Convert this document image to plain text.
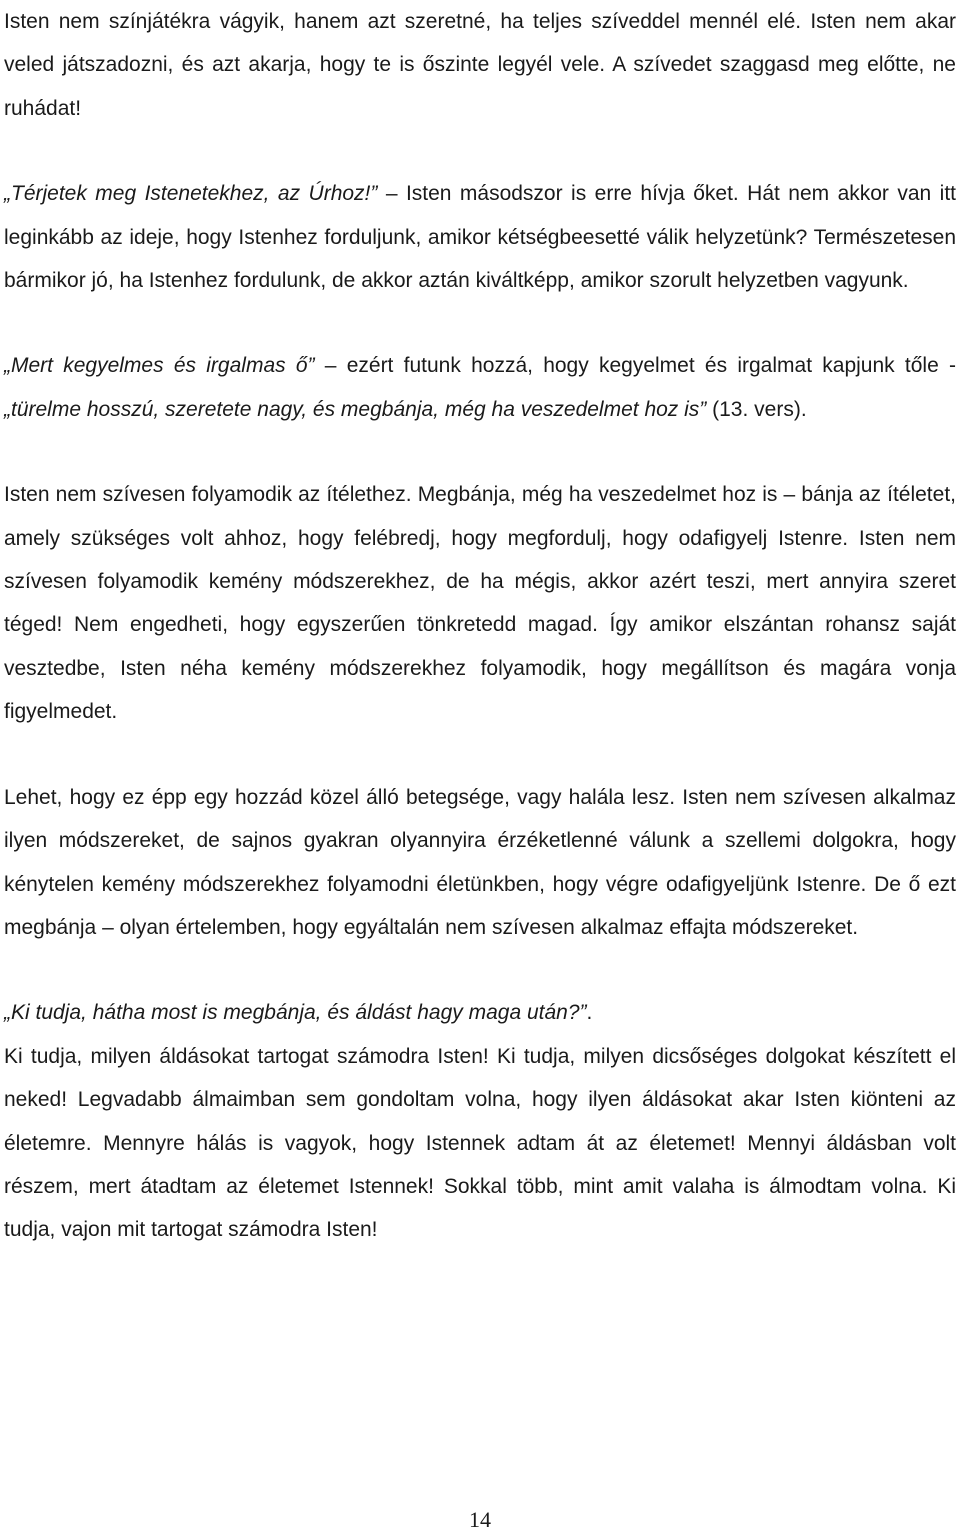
Isten nem színjátékra vágyik, hanem azt szeretné, ha teljes szíveddel mennél elé. Isten nem akar veled játszadozni, és azt akarja, hogy te is őszinte legyél vele. A szívedet szaggasd meg előtte, ne ruhádat!

„Térjetek meg Istenetekhez, az Úrhoz!” – Isten másodszor is erre hívja őket. Hát nem akkor van itt leginkább az ideje, hogy Istenhez forduljunk, amikor kétségbeesetté válik helyzetünk? Természetesen bármikor jó, ha Istenhez fordulunk, de akkor aztán kiváltképp, amikor szorult helyzetben vagyunk.

„Mert kegyelmes és irgalmas ő” – ezért futunk hozzá, hogy kegyelmet és irgalmat kapjunk tőle - „türelme hosszú, szeretete nagy, és megbánja, még ha veszedelmet hoz is” (13. vers).

Isten nem szívesen folyamodik az ítélethez. Megbánja, még ha veszedelmet hoz is – bánja az ítéletet, amely szükséges volt ahhoz, hogy felébredj, hogy megfordulj, hogy odafigyelj Istenre. Isten nem szívesen folyamodik kemény módszerekhez, de ha mégis, akkor azért teszi, mert annyira szeret téged! Nem engedheti, hogy egyszerűen tönkretedd magad. Így amikor elszántan rohansz saját vesztedbe, Isten néha kemény módszerekhez folyamodik, hogy megállítson és magára vonja figyelmedet.

Lehet, hogy ez épp egy hozzád közel álló betegsége, vagy halála lesz. Isten nem szívesen alkalmaz ilyen módszereket, de sajnos gyakran olyannyira érzéketlenné válunk a szellemi dolgokra, hogy kénytelen kemény módszerekhez folyamodni életünkben, hogy végre odafigyeljünk Istenre. De ő ezt megbánja – olyan értelemben, hogy egyáltalán nem szívesen alkalmaz effajta módszereket.

„Ki tudja, hátha most is megbánja, és áldást hagy maga után?”.

Ki tudja, milyen áldásokat tartogat számodra Isten! Ki tudja, milyen dicsőséges dolgokat készített el neked! Legvadabb álmaimban sem gondoltam volna, hogy ilyen áldásokat akar Isten kiönteni az életemre. Mennyre hálás is vagyok, hogy Istennek adtam át az életemet! Mennyi áldásban volt részem, mert átadtam az életemet Istennek! Sokkal több, mint amit valaha is álmodtam volna. Ki tudja, vajon mit tartogat számodra Isten!

14
